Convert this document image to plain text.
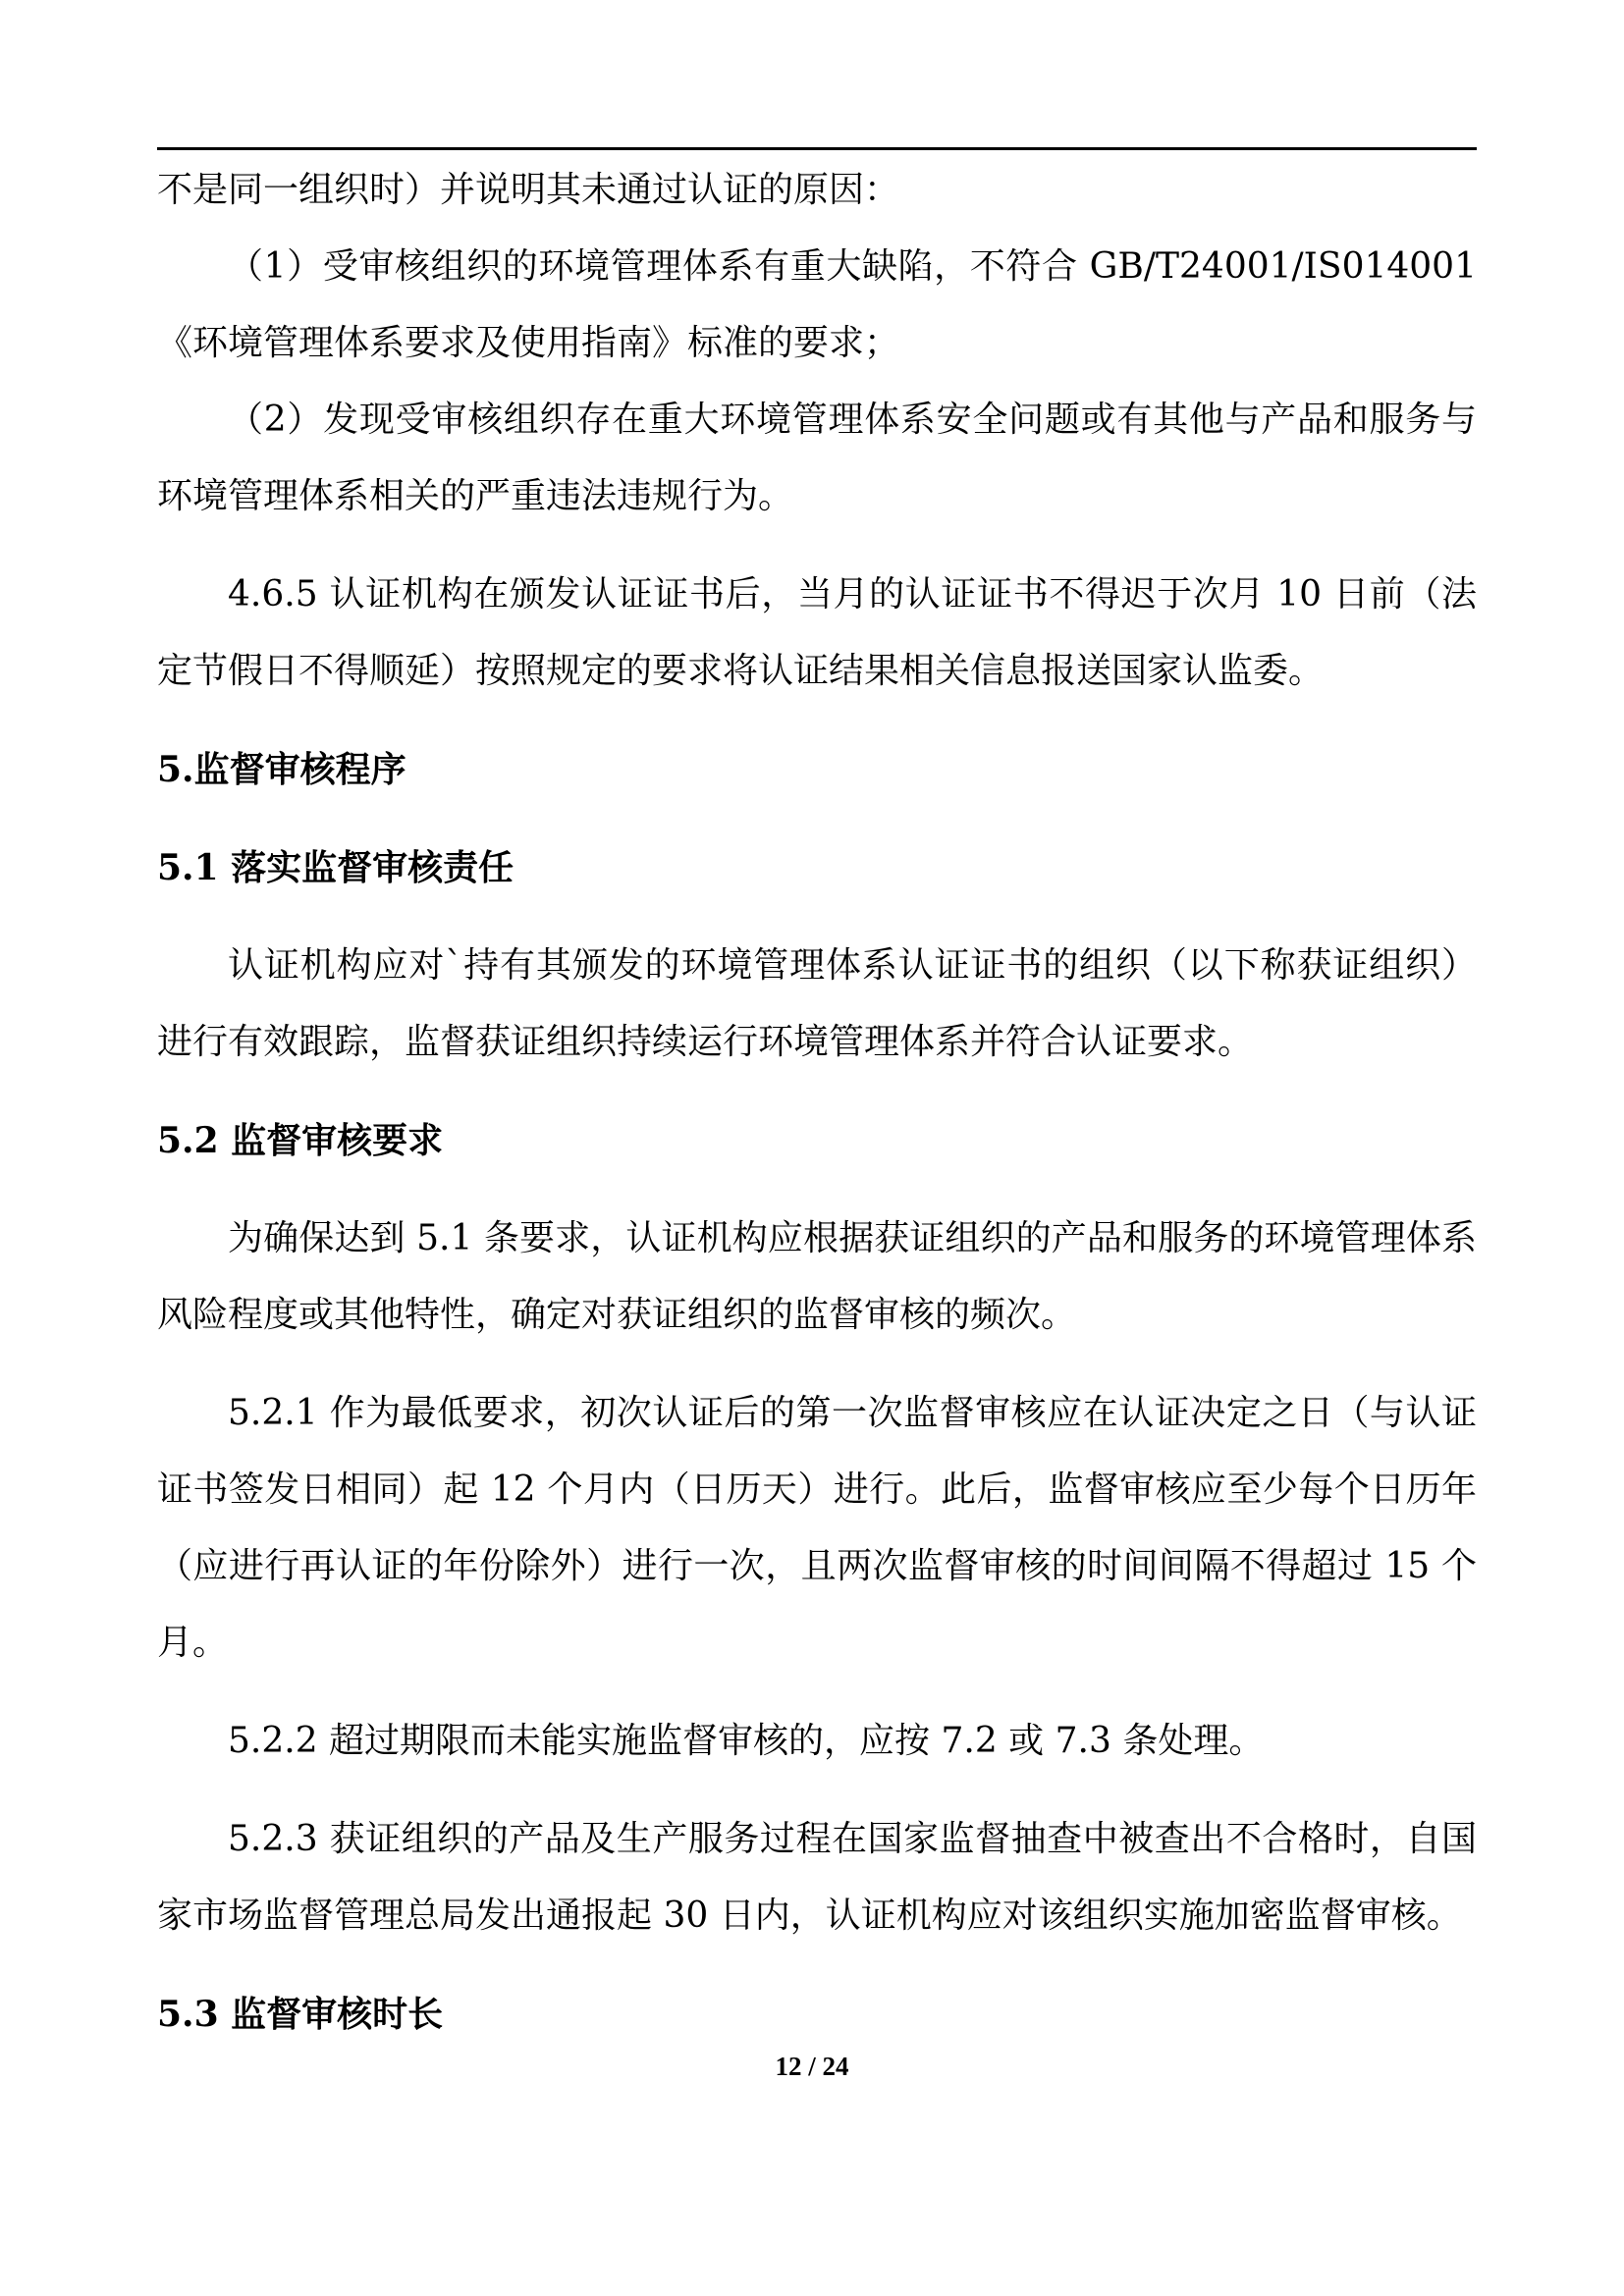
不是同一组织时）并说明其未通过认证的原因：

（1）受审核组织的环境管理体系有重大缺陷，不符合 GB/T24001/IS014001《环境管理体系要求及使用指南》标准的要求；

（2）发现受审核组织存在重大环境管理体系安全问题或有其他与产品和服务与环境管理体系相关的严重违法违规行为。

4.6.5 认证机构在颁发认证证书后，当月的认证证书不得迟于次月 10 日前（法定节假日不得顺延）按照规定的要求将认证结果相关信息报送国家认监委。

5.监督审核程序
5.1 落实监督审核责任

认证机构应对`持有其颁发的环境管理体系认证证书的组织（以下称获证组织）进行有效跟踪，监督获证组织持续运行环境管理体系并符合认证要求。

5.2 监督审核要求

为确保达到 5.1 条要求，认证机构应根据获证组织的产品和服务的环境管理体系风险程度或其他特性，确定对获证组织的监督审核的频次。

5.2.1 作为最低要求，初次认证后的第一次监督审核应在认证决定之日（与认证证书签发日相同）起 12 个月内（日历天）进行。此后，监督审核应至少每个日历年（应进行再认证的年份除外）进行一次，且两次监督审核的时间间隔不得超过 15 个月。

5.2.2 超过期限而未能实施监督审核的，应按 7.2 或 7.3 条处理。

5.2.3 获证组织的产品及生产服务过程在国家监督抽查中被查出不合格时，自国家市场监督管理总局发出通报起 30 日内，认证机构应对该组织实施加密监督审核。

5.3 监督审核时长
12 / 24
